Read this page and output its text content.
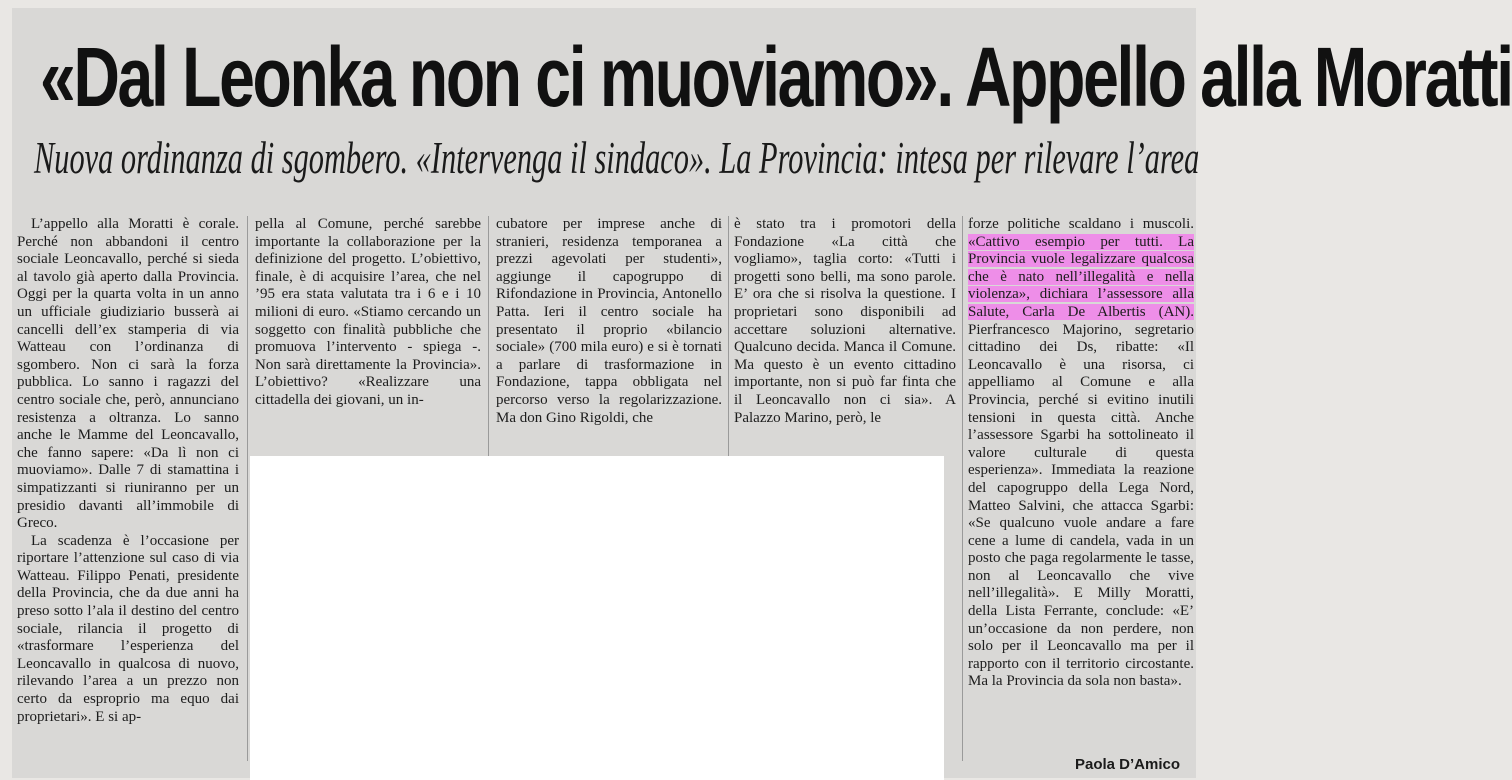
«Dal Leonka non ci muoviamo». Appello alla Moratti
Nuova ordinanza di sgombero. «Intervenga il sindaco». La Provincia: intesa per rilevare l’area

L’appello alla Moratti è corale. Perché non abbandoni il centro sociale Leoncavallo, perché si sieda al tavolo già aperto dalla Provincia. Oggi per la quarta volta in un anno un ufficiale giudiziario busserà ai cancelli dell’ex stamperia di via Watteau con l’ordinanza di sgombero. Non ci sarà la forza pubblica. Lo sanno i ragazzi del centro sociale che, però, annunciano resistenza a oltranza. Lo sanno anche le Mamme del Leoncavallo, che fanno sapere: «Da lì non ci muoviamo». Dalle 7 di stamattina i simpatizzanti si riuniranno per un presidio davanti all’immobile di Greco.

La scadenza è l’occasione per riportare l’attenzione sul caso di via Watteau. Filippo Penati, presidente della Provincia, che da due anni ha preso sotto l’ala il destino del centro sociale, rilancia il progetto di «trasformare l’esperienza del Leoncavallo in qualcosa di nuovo, rilevando l’area a un prezzo non certo da esproprio ma equo dai proprietari». E si ap-

pella al Comune, perché sarebbe importante la collaborazione per la definizione del progetto. L’obiettivo, finale, è di acquisire l’area, che nel ’95 era stata valutata tra i 6 e i 10 milioni di euro. «Stiamo cercando un soggetto con finalità pubbliche che promuova l’intervento - spiega -. Non sarà direttamente la Provincia». L’obiettivo? «Realizzare una cittadella dei giovani, un in-

cubatore per imprese anche di stranieri, residenza temporanea a prezzi agevolati per studenti», aggiunge il capogruppo di Rifondazione in Provincia, Antonello Patta. Ieri il centro sociale ha presentato il proprio «bilancio sociale» (700 mila euro) e si è tornati a parlare di trasformazione in Fondazione, tappa obbligata nel percorso verso la regolarizzazione. Ma don Gino Rigoldi, che

è stato tra i promotori della Fondazione «La città che vogliamo», taglia corto: «Tutti i progetti sono belli, ma sono parole. E’ ora che si risolva la questione. I proprietari sono disponibili ad accettare soluzioni alternative. Qualcuno decida. Manca il Comune. Ma questo è un evento cittadino importante, non si può far finta che il Leoncavallo non ci sia». A Palazzo Marino, però, le

forze politiche scaldano i muscoli. «Cattivo esempio per tutti. La Provincia vuole legalizzare qualcosa che è nato nell’illegalità e nella violenza», dichiara l’assessore alla Salute, Carla De Albertis (AN). Pierfrancesco Majorino, segretario cittadino dei Ds, ribatte: «Il Leoncavallo è una risorsa, ci appelliamo al Comune e alla Provincia, perché si evitino inutili tensioni in questa città. Anche l’assessore Sgarbi ha sottolineato il valore culturale di questa esperienza». Immediata la reazione del capogruppo della Lega Nord, Matteo Salvini, che attacca Sgarbi: «Se qualcuno vuole andare a fare cene a lume di candela, vada in un posto che paga regolarmente le tasse, non al Leoncavallo che vive nell’illegalità». E Milly Moratti, della Lista Ferrante, conclude: «E’ un’occasione da non perdere, non solo per il Leoncavallo ma per il rapporto con il territorio circostante. Ma la Provincia da sola non basta».

Paola D’Amico
